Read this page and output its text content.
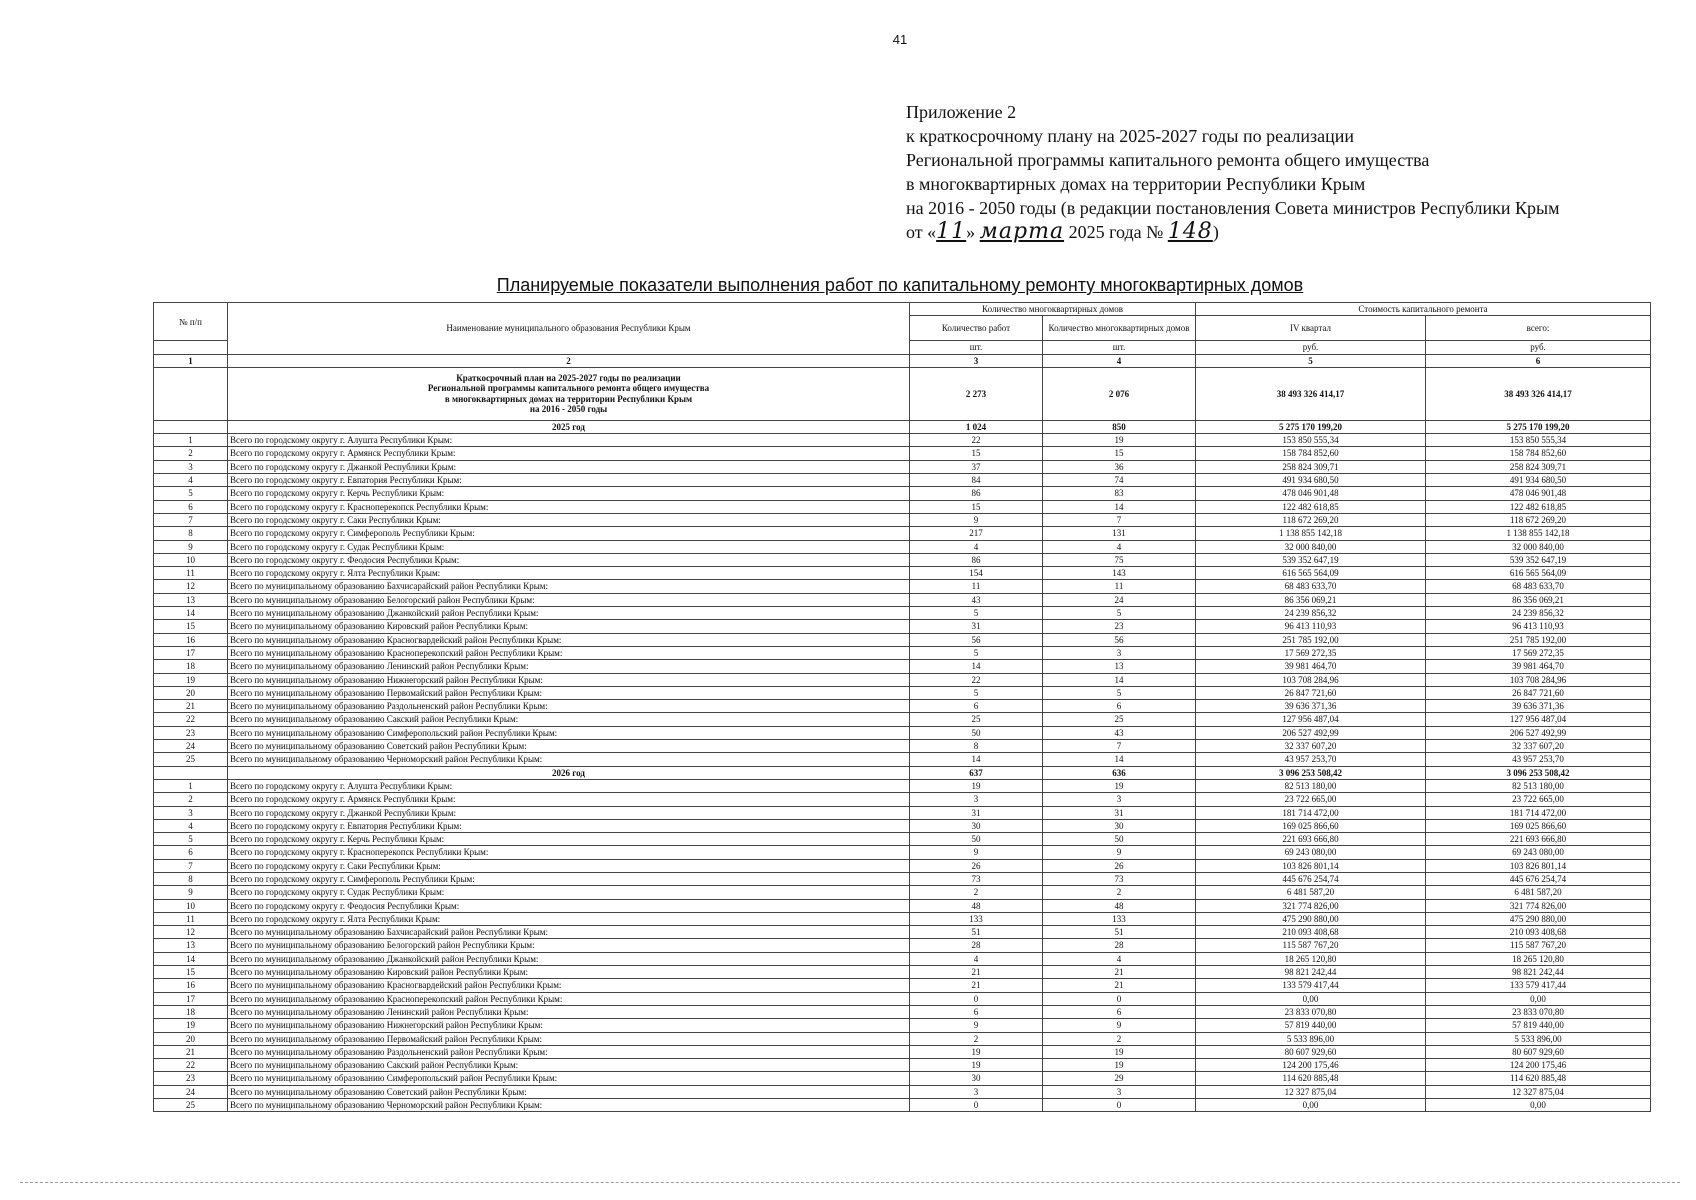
41
Приложение 2
к краткосрочному плану на 2025-2027 годы по реализации
Региональной программы капитального ремонта общего имущества
в многоквартирных домах на территории Республики Крым
на 2016 - 2050 годы (в редакции постановления Совета министров Республики Крым
от «11» марта 2025 года № 148)
Планируемые показатели выполнения работ по капитальному ремонту многоквартирных домов
№ п/п	Наименование муниципального образования Республики Крым	Количество многоквартирных домов		Стоимость капитального ремонта	
		Количество работ	Количество многоквартирных домов	IV квартал	всего:
		шт.	шт.	руб.	руб.
1	2	3	4	5	6

	Краткосрочный план на 2025-2027 годы по реализации
Региональной программы капитального ремонта общего имущества
в многоквартирных домах на территории Республики Крым
на 2016 - 2050 годы	2 273	2 076	38 493 326 414,17	38 493 326 414,17
	2025 год	1 024	850	5 275 170 199,20	5 275 170 199,20
1	Всего по городскому округу г. Алушта Республики Крым:	22	19	153 850 555,34	153 850 555,34
2	Всего по городскому округу г. Армянск Республики Крым:	15	15	158 784 852,60	158 784 852,60
3	Всего по городскому округу г. Джанкой Республики Крым:	37	36	258 824 309,71	258 824 309,71
4	Всего по городскому округу г. Евпатория Республики Крым:	84	74	491 934 680,50	491 934 680,50
5	Всего по городскому округу г. Керчь Республики Крым:	86	83	478 046 901,48	478 046 901,48
6	Всего по городскому округу г. Красноперекопск Республики Крым:	15	14	122 482 618,85	122 482 618,85
7	Всего по городскому округу г. Саки Республики Крым:	9	7	118 672 269,20	118 672 269,20
8	Всего по городскому округу г. Симферополь Республики Крым:	217	131	1 138 855 142,18	1 138 855 142,18
9	Всего по городскому округу г. Судак Республики Крым:	4	4	32 000 840,00	32 000 840,00
10	Всего по городскому округу г. Феодосия Республики Крым:	86	75	539 352 647,19	539 352 647,19
11	Всего по городскому округу г. Ялта Республики Крым:	154	143	616 565 564,09	616 565 564,09
12	Всего по муниципальному образованию Бахчисарайский район Республики Крым:	11	11	68 483 633,70	68 483 633,70
13	Всего по муниципальному образованию Белогорский район Республики Крым:	43	24	86 356 069,21	86 356 069,21
14	Всего по муниципальному образованию Джанкойский район Республики Крым:	5	5	24 239 856,32	24 239 856,32
15	Всего по муниципальному образованию Кировский район Республики Крым:	31	23	96 413 110,93	96 413 110,93
16	Всего по муниципальному образованию Красногвардейский район Республики Крым:	56	56	251 785 192,00	251 785 192,00
17	Всего по муниципальному образованию Красноперекопский район Республики Крым:	5	3	17 569 272,35	17 569 272,35
18	Всего по муниципальному образованию Ленинский район Республики Крым:	14	13	39 981 464,70	39 981 464,70
19	Всего по муниципальному образованию Нижнегорский район Республики Крым:	22	14	103 708 284,96	103 708 284,96
20	Всего по муниципальному образованию Первомайский район Республики Крым:	5	5	26 847 721,60	26 847 721,60
21	Всего по муниципальному образованию Раздольненский район Республики Крым:	6	6	39 636 371,36	39 636 371,36
22	Всего по муниципальному образованию Сакский район Республики Крым:	25	25	127 956 487,04	127 956 487,04
23	Всего по муниципальному образованию Симферопольский район Республики Крым:	50	43	206 527 492,99	206 527 492,99
24	Всего по муниципальному образованию Советский район Республики Крым:	8	7	32 337 607,20	32 337 607,20
25	Всего по муниципальному образованию Черноморский район Республики Крым:	14	14	43 957 253,70	43 957 253,70
	2026 год	637	636	3 096 253 508,42	3 096 253 508,42
1	Всего по городскому округу г. Алушта Республики Крым:	19	19	82 513 180,00	82 513 180,00
2	Всего по городскому округу г. Армянск Республики Крым:	3	3	23 722 665,00	23 722 665,00
3	Всего по городскому округу г. Джанкой Республики Крым:	31	31	181 714 472,00	181 714 472,00
4	Всего по городскому округу г. Евпатория Республики Крым:	30	30	169 025 866,60	169 025 866,60
5	Всего по городскому округу г. Керчь Республики Крым:	50	50	221 693 666,80	221 693 666,80
6	Всего по городскому округу г. Красноперекопск Республики Крым:	9	9	69 243 080,00	69 243 080,00
7	Всего по городскому округу г. Саки Республики Крым:	26	26	103 826 801,14	103 826 801,14
8	Всего по городскому округу г. Симферополь Республики Крым:	73	73	445 676 254,74	445 676 254,74
9	Всего по городскому округу г. Судак Республики Крым:	2	2	6 481 587,20	6 481 587,20
10	Всего по городскому округу г. Феодосия Республики Крым:	48	48	321 774 826,00	321 774 826,00
11	Всего по городскому округу г. Ялта Республики Крым:	133	133	475 290 880,00	475 290 880,00
12	Всего по муниципальному образованию Бахчисарайский район Республики Крым:	51	51	210 093 408,68	210 093 408,68
13	Всего по муниципальному образованию Белогорский район Республики Крым:	28	28	115 587 767,20	115 587 767,20
14	Всего по муниципальному образованию Джанкойский район Республики Крым:	4	4	18 265 120,80	18 265 120,80
15	Всего по муниципальному образованию Кировский район Республики Крым:	21	21	98 821 242,44	98 821 242,44
16	Всего по муниципальному образованию Красногвардейский район Республики Крым:	21	21	133 579 417,44	133 579 417,44
17	Всего по муниципальному образованию Красноперекопский район Республики Крым:	0	0	0,00	0,00
18	Всего по муниципальному образованию Ленинский район Республики Крым:	6	6	23 833 070,80	23 833 070,80
19	Всего по муниципальному образованию Нижнегорский район Республики Крым:	9	9	57 819 440,00	57 819 440,00
20	Всего по муниципальному образованию Первомайский район Республики Крым:	2	2	5 533 896,00	5 533 896,00
21	Всего по муниципальному образованию Раздольненский район Республики Крым:	19	19	80 607 929,60	80 607 929,60
22	Всего по муниципальному образованию Сакский район Республики Крым:	19	19	124 200 175,46	124 200 175,46
23	Всего по муниципальному образованию Симферопольский район Республики Крым:	30	29	114 620 885,48	114 620 885,48
24	Всего по муниципальному образованию Советский район Республики Крым:	3	3	12 327 875,04	12 327 875,04
25	Всего по муниципальному образованию Черноморский район Республики Крым:	0	0	0,00	0,00
